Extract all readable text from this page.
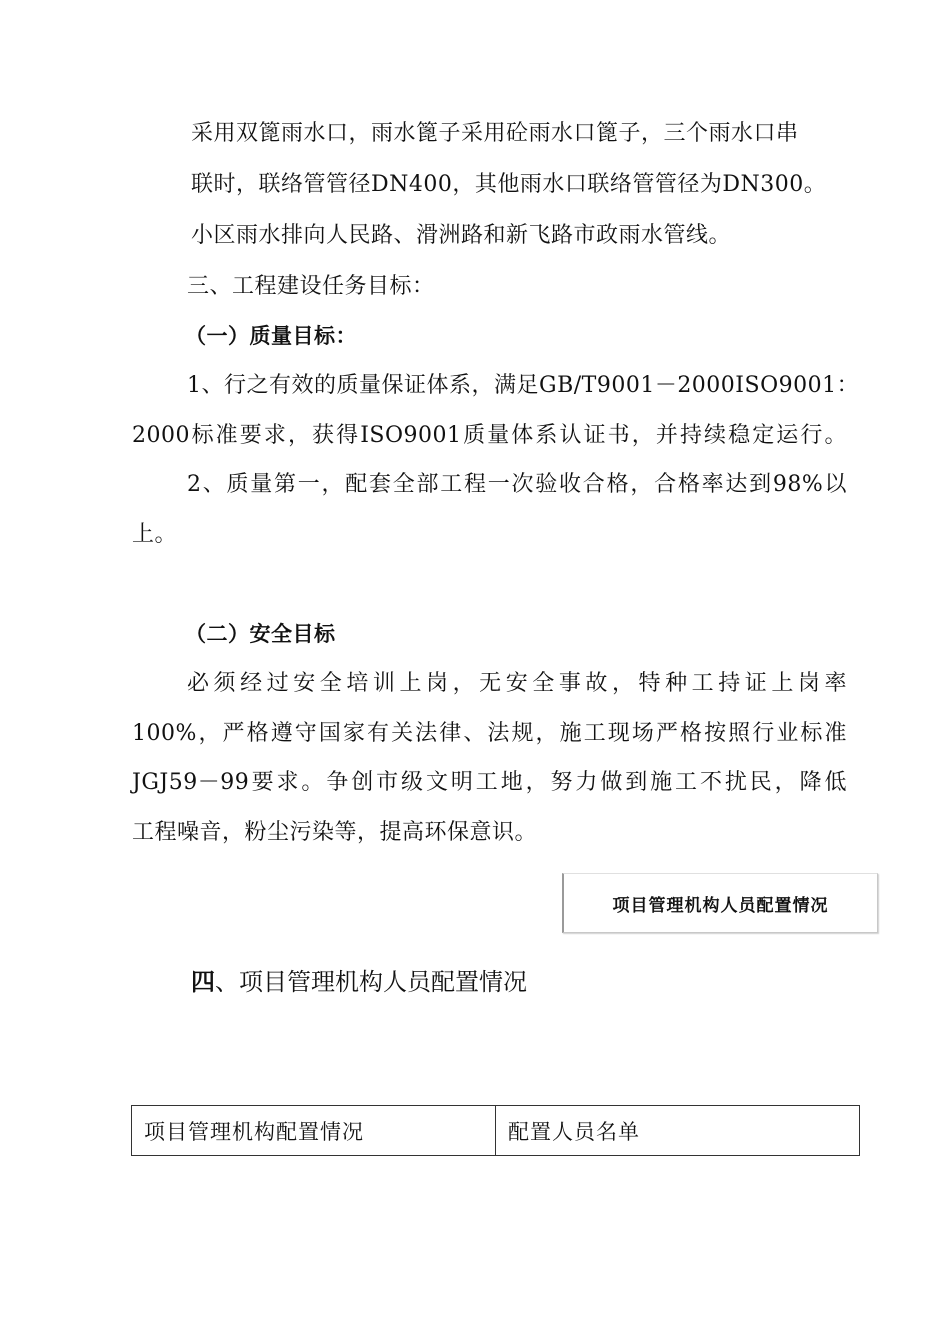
采用双篦雨水口，雨水篦子采用砼雨水口篦子，三个雨水口串
联时，联络管管径DN400，其他雨水口联络管管径为DN300。
小区雨水排向人民路、滑洲路和新飞路市政雨水管线。
三、工程建设任务目标：
（一）质量目标：
1、行之有效的质量保证体系，满足GB/T9001－2000ISO9001：
2000标准要求，获得ISO9001质量体系认证书，并持续稳定运行。
2、质量第一，配套全部工程一次验收合格，合格率达到98%以
上。
（二）安全目标
必须经过安全培训上岗，无安全事故，特种工持证上岗率
100%，严格遵守国家有关法律、法规，施工现场严格按照行业标准
JGJ59－99要求。争创市级文明工地，努力做到施工不扰民，降低
工程噪音，粉尘污染等，提高环保意识。
项目管理机构人员配置情况
四、项目管理机构人员配置情况
项目管理机构配置情况	配置人员名单
